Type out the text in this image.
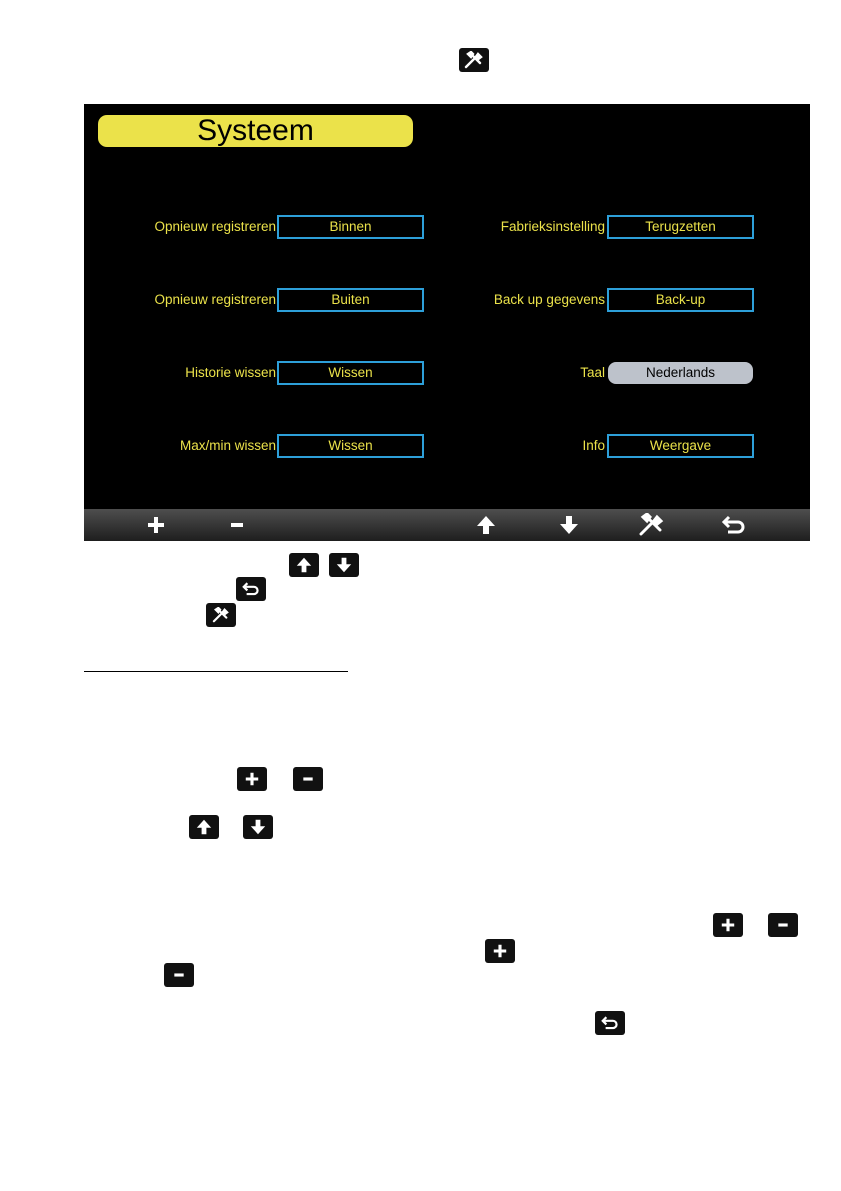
Systeem
Opnieuw registreren	Binnen
Opnieuw registreren	Buiten
Historie wissen	Wissen
Max/min wissen	Wissen
Fabrieksinstelling	Terugzetten
Back up gegevens	Back-up
Taal	Nederlands
Info	Weergave
